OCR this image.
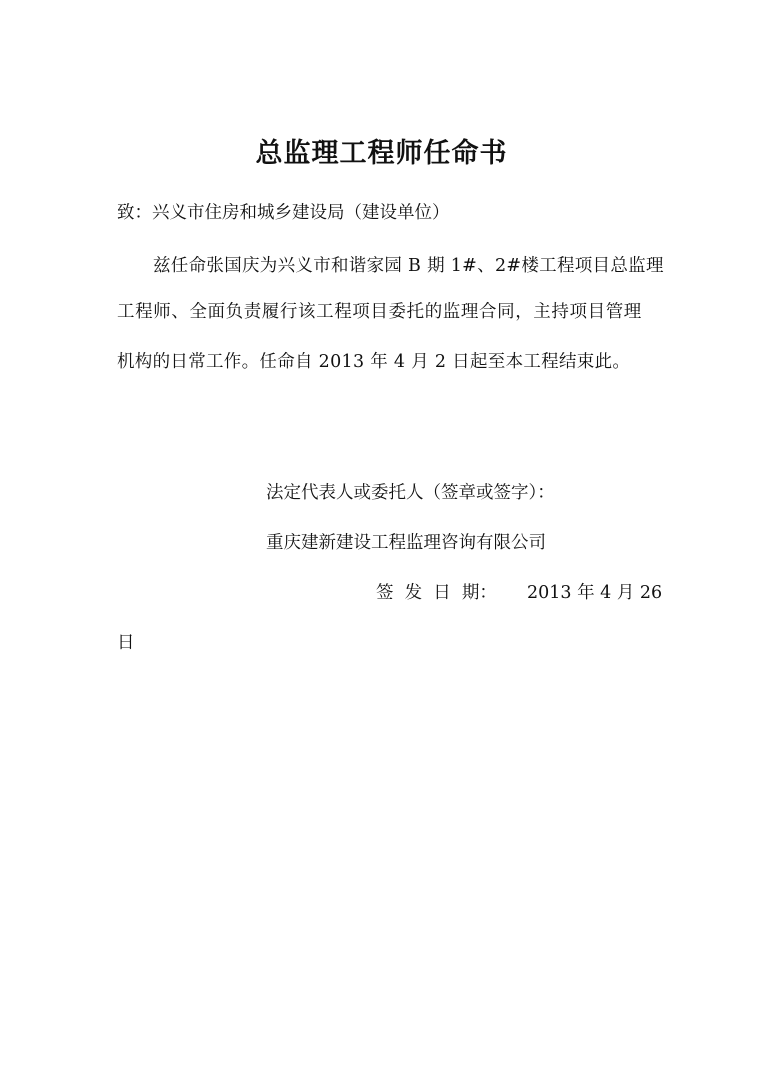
总监理工程师任命书
致：兴义市住房和城乡建设局（建设单位）
兹任命张国庆为兴义市和谐家园 B 期 1#、2#楼工程项目总监理
工程师、全面负责履行该工程项目委托的监理合同，主持项目管理
机构的日常工作。任命自 2013 年 4 月 2 日起至本工程结束此。
法定代表人或委托人（签章或签字）：
重庆建新建设工程监理咨询有限公司
签  发  日  期： 2013 年 4 月 26
日
